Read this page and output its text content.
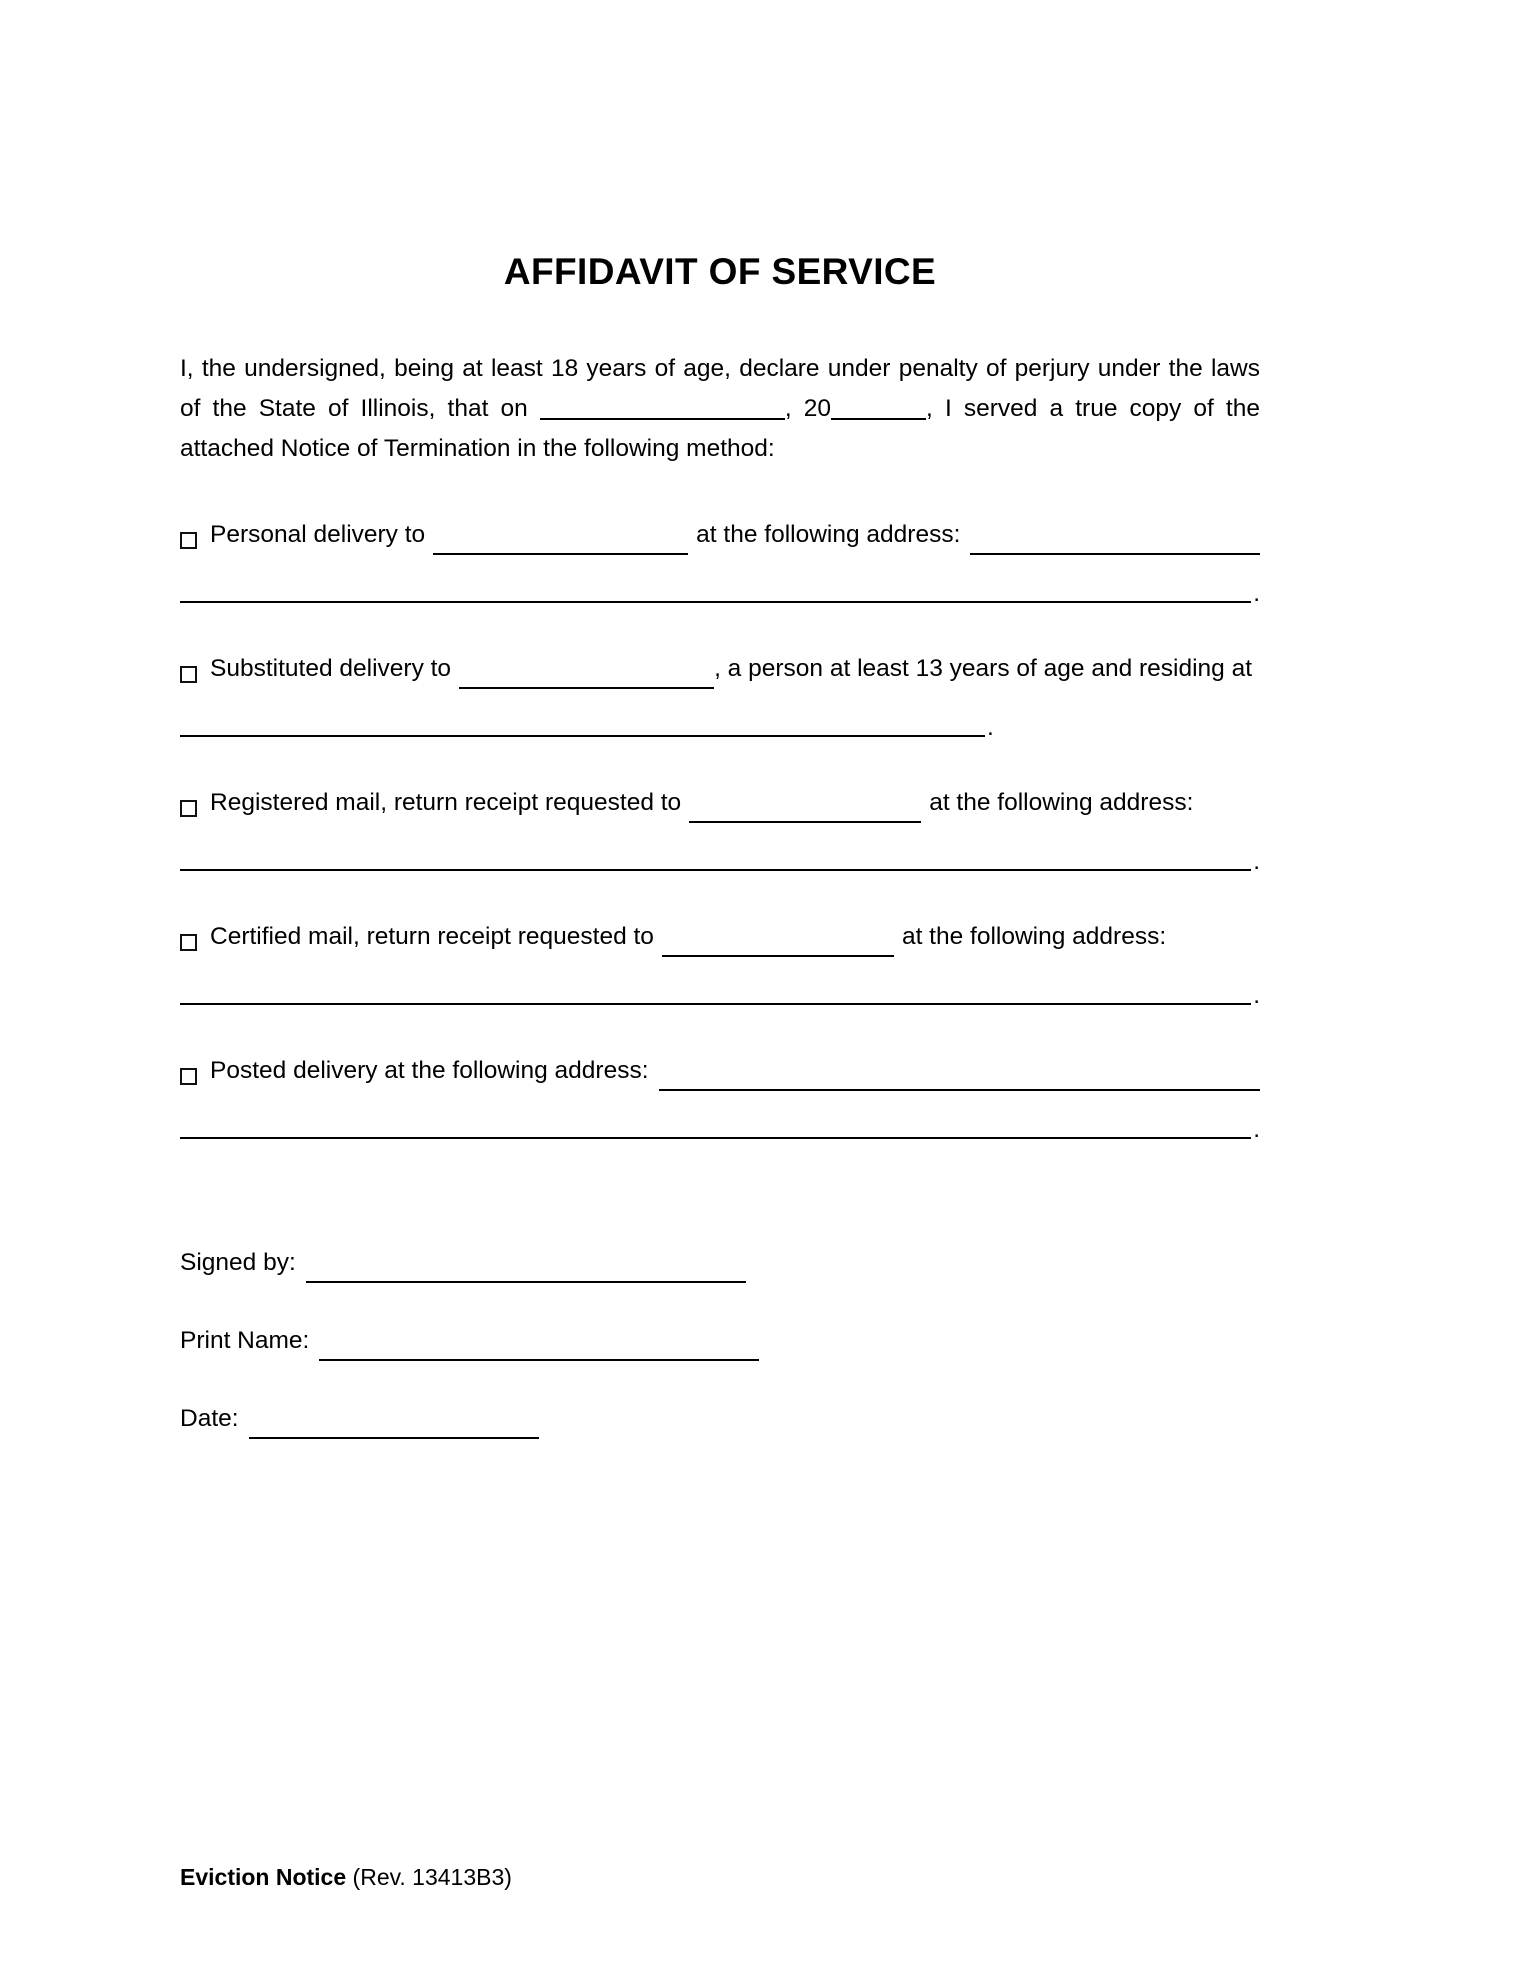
AFFIDAVIT OF SERVICE

I, the undersigned, being at least 18 years of age, declare under penalty of perjury under the laws of the State of Illinois, that on	, 20	, I served a true copy of the attached Notice of Termination in the following method:

Personal delivery to	at the following address:
.
Substituted delivery to	, a person at least 13 years of age and residing at
.
Registered mail, return receipt requested to	at the following address:
.
Certified mail, return receipt requested to	at the following address:
.
Posted delivery at the following address:
.
Signed by:
Print Name:
Date:
Eviction Notice (Rev. 13413B3)
